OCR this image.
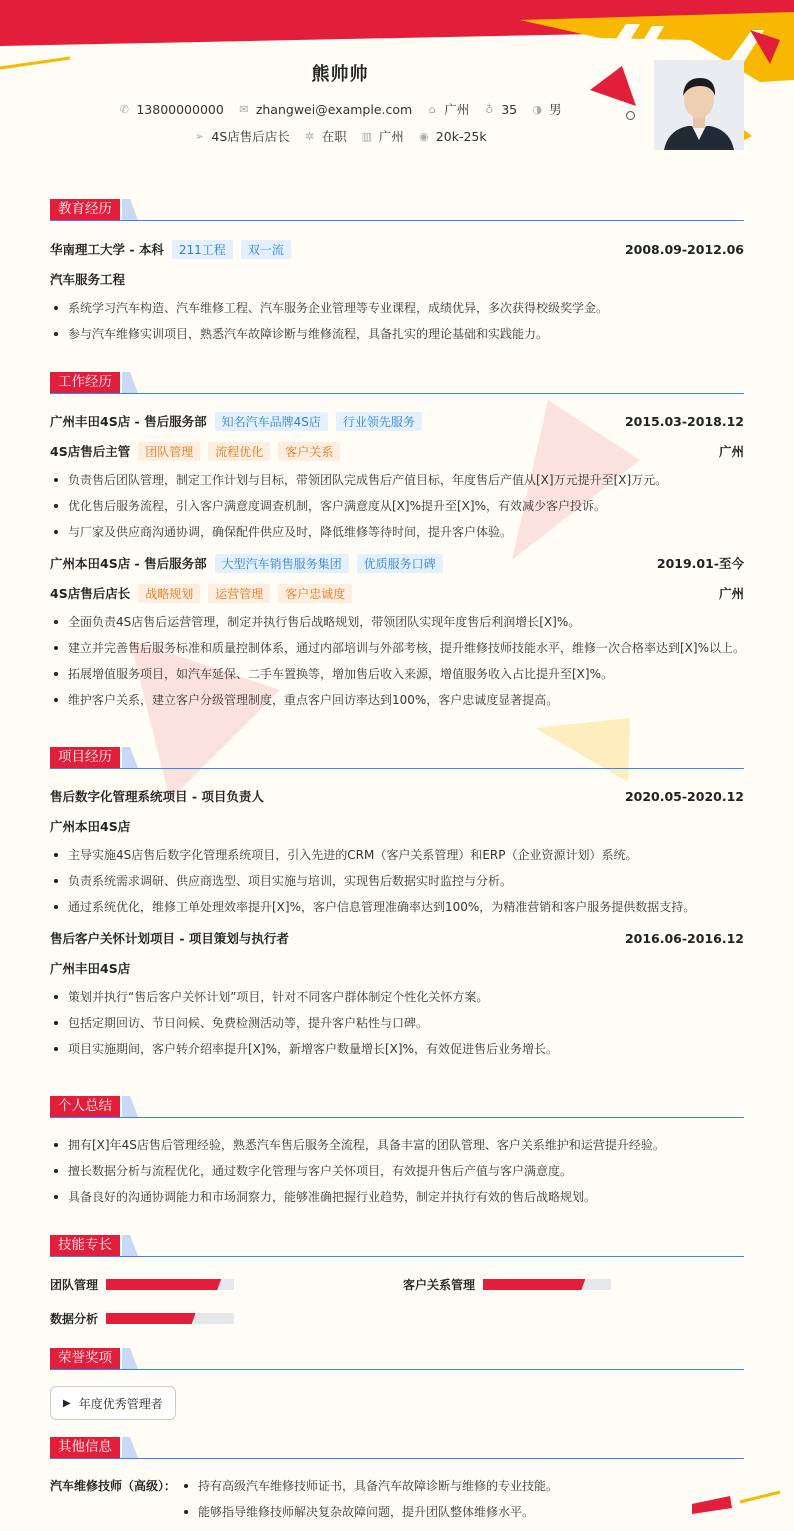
熊帅帅
✆ 13800000000 ✉ zhangwei@example.com ⌂ 广州 ♁ 35 ◑ 男
➢ 4S店售后店长 ✲ 在职 ▥ 广州 ◉ 20k-25k
教育经历
华南理工大学 - 本科	211工程	双一流	2008.09-2012.06
汽车服务工程
系统学习汽车构造、汽车维修工程、汽车服务企业管理等专业课程，成绩优异，多次获得校级奖学金。
参与汽车维修实训项目，熟悉汽车故障诊断与维修流程，具备扎实的理论基础和实践能力。
工作经历
广州丰田4S店 - 售后服务部	知名汽车品牌4S店	行业领先服务	2015.03-2018.12
4S店售后主管	团队管理	流程优化	客户关系	广州
负责售后团队管理，制定工作计划与目标，带领团队完成售后产值目标，年度售后产值从[X]万元提升至[X]万元。
优化售后服务流程，引入客户满意度调查机制，客户满意度从[X]%提升至[X]%，有效减少客户投诉。
与厂家及供应商沟通协调，确保配件供应及时，降低维修等待时间，提升客户体验。
广州本田4S店 - 售后服务部	大型汽车销售服务集团	优质服务口碑	2019.01-至今
4S店售后店长	战略规划	运营管理	客户忠诚度	广州
全面负责4S店售后运营管理，制定并执行售后战略规划，带领团队实现年度售后利润增长[X]%。
建立并完善售后服务标准和质量控制体系，通过内部培训与外部考核，提升维修技师技能水平，维修一次合格率达到[X]%以上。
拓展增值服务项目，如汽车延保、二手车置换等，增加售后收入来源，增值服务收入占比提升至[X]%。
维护客户关系，建立客户分级管理制度，重点客户回访率达到100%，客户忠诚度显著提高。
项目经历
售后数字化管理系统项目 - 项目负责人	2020.05-2020.12
广州本田4S店
主导实施4S店售后数字化管理系统项目，引入先进的CRM（客户关系管理）和ERP（企业资源计划）系统。
负责系统需求调研、供应商选型、项目实施与培训，实现售后数据实时监控与分析。
通过系统优化，维修工单处理效率提升[X]%，客户信息管理准确率达到100%，为精准营销和客户服务提供数据支持。
售后客户关怀计划项目 - 项目策划与执行者	2016.06-2016.12
广州丰田4S店
策划并执行“售后客户关怀计划”项目，针对不同客户群体制定个性化关怀方案。
包括定期回访、节日问候、免费检测活动等，提升客户粘性与口碑。
项目实施期间，客户转介绍率提升[X]%，新增客户数量增长[X]%，有效促进售后业务增长。
个人总结
拥有[X]年4S店售后管理经验，熟悉汽车售后服务全流程，具备丰富的团队管理、客户关系维护和运营提升经验。
擅长数据分析与流程优化，通过数字化管理与客户关怀项目，有效提升售后产值与客户满意度。
具备良好的沟通协调能力和市场洞察力，能够准确把握行业趋势，制定并执行有效的售后战略规划。
技能专长
团队管理	客户关系管理
数据分析
荣誉奖项
▶ 年度优秀管理者
其他信息
汽车维修技师（高级）：	持有高级汽车维修技师证书，具备汽车故障诊断与维修的专业技能。
能够指导维修技师解决复杂故障问题，提升团队整体维修水平。
